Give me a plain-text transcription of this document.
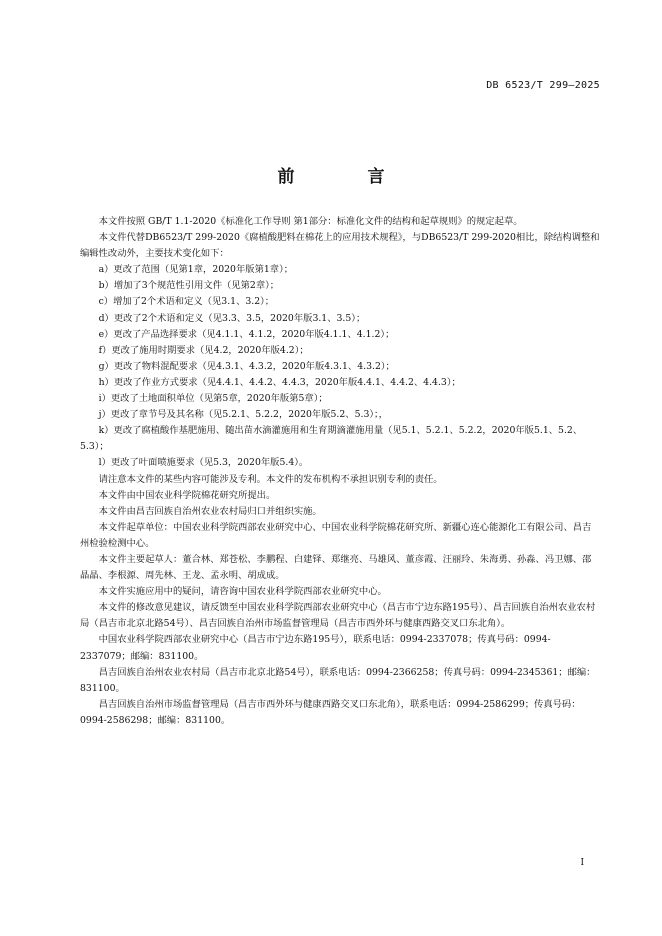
DB 6523/T 299—2025
前　言

本文件按照 GB/T 1.1-2020《标准化工作导则 第1部分：标准化文件的结构和起草规则》的规定起草。

本文件代替DB6523/T 299-2020《腐植酸肥料在棉花上的应用技术规程》，与DB6523/T 299-2020相比，除结构调整和编辑性改动外，主要技术变化如下：

a）更改了范围（见第1章，2020年版第1章）；

b）增加了3个规范性引用文件（见第2章）；

c）增加了2个术语和定义（见3.1、3.2）；

d）更改了2个术语和定义（见3.3、3.5，2020年版3.1、3.5）；

e）更改了产品选择要求（见4.1.1、4.1.2，2020年版4.1.1、4.1.2）；

f）更改了施用时期要求（见4.2，2020年版4.2）；

g）更改了物料混配要求（见4.3.1、4.3.2，2020年版4.3.1、4.3.2）；

h）更改了作业方式要求（见4.4.1、4.4.2、4.4.3，2020年版4.4.1、4.4.2、4.4.3）；

i）更改了土地面积单位（见第5章，2020年版第5章）；

j）更改了章节号及其名称（见5.2.1、5.2.2，2020年版5.2、5.3）；，

k）更改了腐植酸作基肥施用、随出苗水滴灌施用和生育期滴灌施用量（见5.1、5.2.1、5.2.2，2020年版5.1、5.2、5.3）；

l）更改了叶面喷施要求（见5.3，2020年版5.4）。

请注意本文件的某些内容可能涉及专利。本文件的发布机构不承担识别专利的责任。

本文件由中国农业科学院棉花研究所提出。

本文件由昌吉回族自治州农业农村局归口并组织实施。

本文件起草单位：中国农业科学院西部农业研究中心、中国农业科学院棉花研究所、新疆心连心能源化工有限公司、昌吉州检验检测中心。

本文件主要起草人：董合林、郑苍松、李鹏程、白建铎、郑继亮、马雄风、董彦霞、汪丽玲、朱海勇、孙淼、冯卫娜、邵晶晶、李根源、周先林、王龙、孟永明、胡成成。

本文件实施应用中的疑问，请咨询中国农业科学院西部农业研究中心。

本文件的修改意见建议，请反馈至中国农业科学院西部农业研究中心（昌吉市宁边东路195号）、昌吉回族自治州农业农村局（昌吉市北京北路54号）、昌吉回族自治州市场监督管理局（昌吉市西外环与健康西路交叉口东北角）。

中国农业科学院西部农业研究中心（昌吉市宁边东路195号），联系电话：0994-2337078；传真号码：0994-2337079；邮编：831100。

昌吉回族自治州农业农村局（昌吉市北京北路54号），联系电话：0994-2366258；传真号码：0994-2345361；邮编：831100。

昌吉回族自治州市场监督管理局（昌吉市西外环与健康西路交叉口东北角），联系电话：0994-2586299；传真号码：0994-2586298；邮编：831100。

I
